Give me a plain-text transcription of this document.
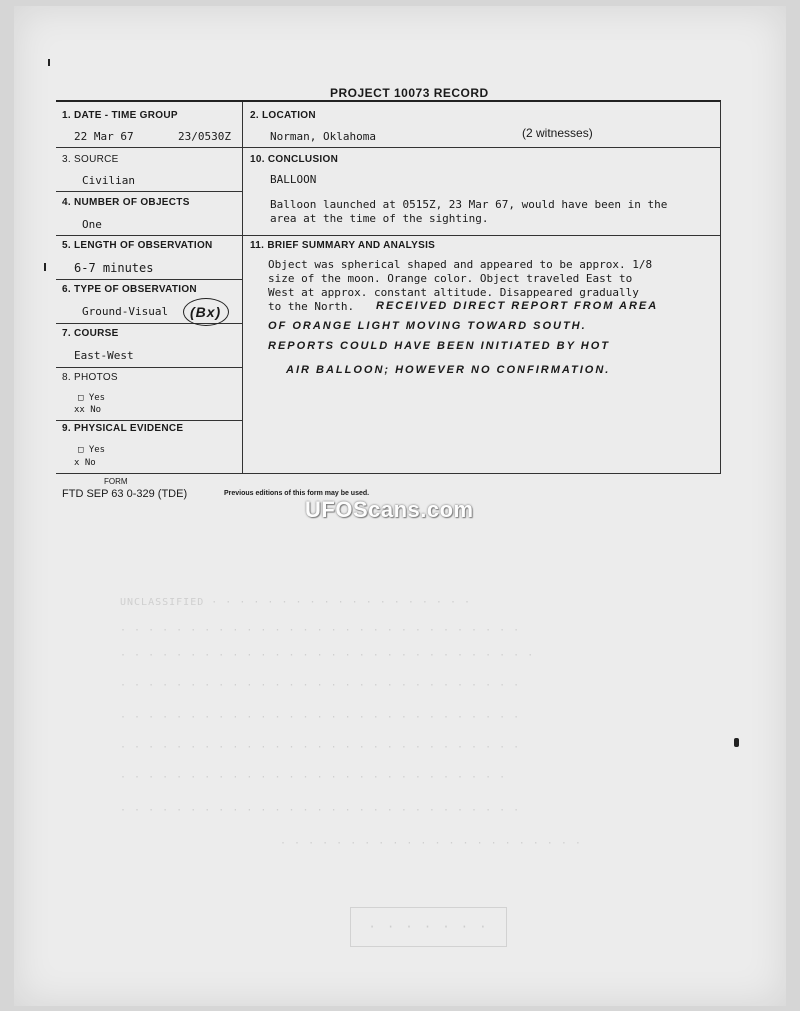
UNCLASSIFIED · · · · · · · · · · · · · · · · · · ·
· · · · · · · · · · · · · · · · · · · · · · · · · · · · ·
· · · · · · · · · · · · · · · · · · · · · · · · · · · · · ·
· · · · · · · · · · · · · · · · · · · · · · · · · · · · ·
· · · · · · · · · · · · · · · · · · · · · · · · · · · · ·
· · · · · · · · · · · · · · · · · · · · · · · · · · · · ·
· · · · · · · · · · · · · · · · · · · · · · · · · · · ·
· · · · · · · · · · · · · · · · · · · · · · · · · · · · ·
· · · · · · · · · · · · · · · · · · · · · ·
· · · · · · ·
PROJECT 10073 RECORD
1. DATE - TIME GROUP
22 Mar 67	23/0530Z
2. LOCATION
Norman, Oklahoma	(2 witnesses)
3. SOURCE
Civilian
10. CONCLUSION
BALLOON
Balloon launched at 0515Z, 23 Mar 67, would have been in the
area at the time of the sighting.
4. NUMBER OF OBJECTS
One
5. LENGTH OF OBSERVATION
6-7 minutes
11. BRIEF SUMMARY AND ANALYSIS
Object was spherical shaped and appeared to be approx. 1/8
size of the moon. Orange color. Object traveled East to
West at approx. constant altitude. Disappeared gradually
to the North.	RECEIVED DIRECT REPORT FROM AREA
OF ORANGE LIGHT MOVING TOWARD SOUTH.
REPORTS COULD HAVE BEEN INITIATED BY HOT
AIR BALLOON; HOWEVER NO CONFIRMATION.
6. TYPE OF OBSERVATION
Ground-Visual (Bx)
7. COURSE
East-West
8. PHOTOS
□ Yes
xx No
9. PHYSICAL EVIDENCE
□ Yes
x No
FORM
FTD SEP 63 0-329 (TDE)	Previous editions of this form may be used.
UFOScans.com
